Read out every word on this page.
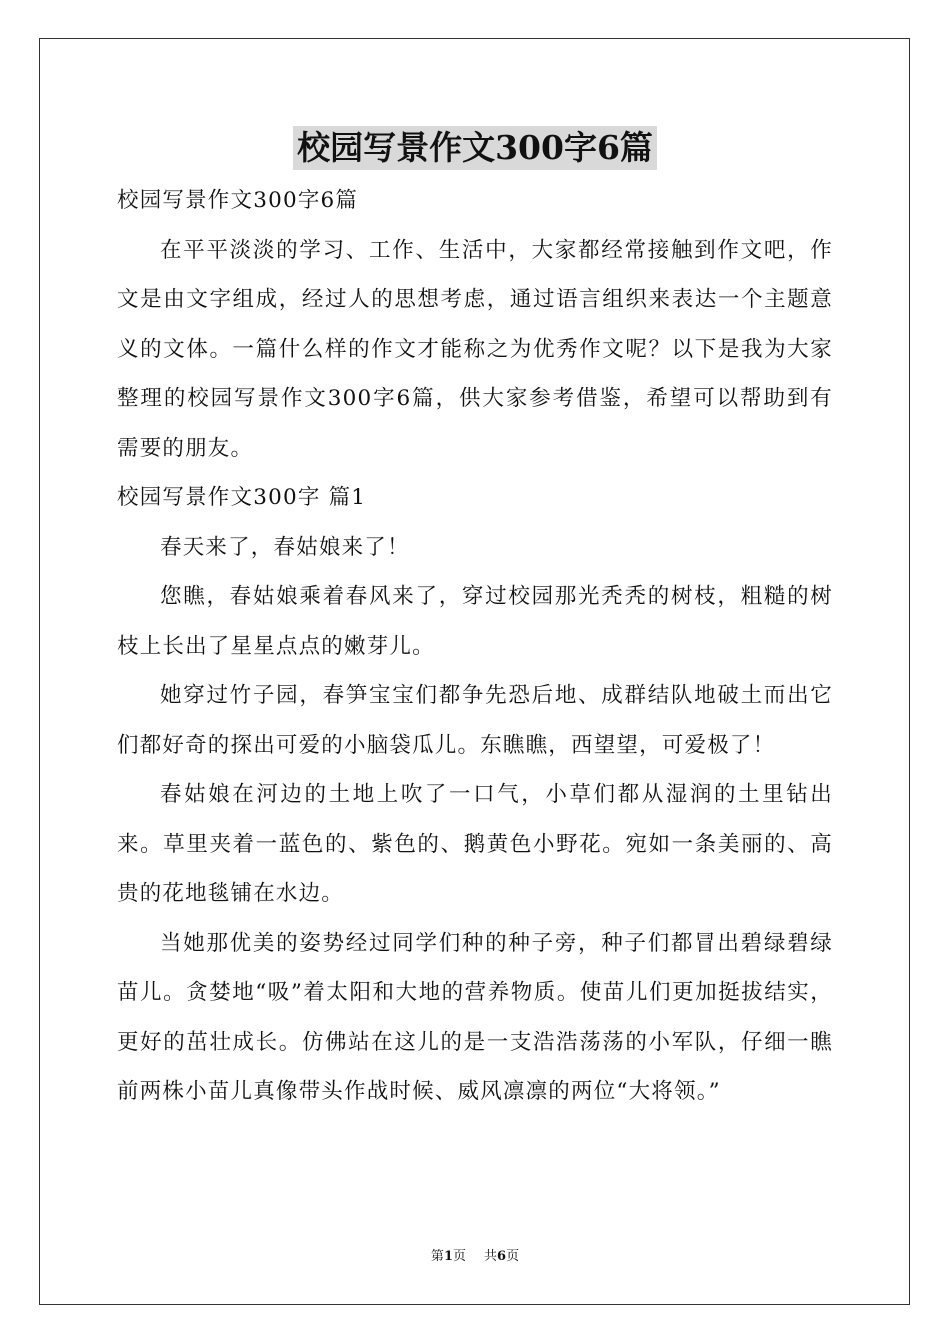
校园写景作文300字6篇

校园写景作文300字6篇

在平平淡淡的学习、工作、生活中，大家都经常接触到作文吧，作文是由文字组成，经过人的思想考虑，通过语言组织来表达一个主题意义的文体。一篇什么样的作文才能称之为优秀作文呢？以下是我为大家整理的校园写景作文300字6篇，供大家参考借鉴，希望可以帮助到有需要的朋友。

校园写景作文300字 篇1

春天来了，春姑娘来了！

您瞧，春姑娘乘着春风来了，穿过校园那光秃秃的树枝，粗糙的树枝上长出了星星点点的嫩芽儿。

她穿过竹子园，春笋宝宝们都争先恐后地、成群结队地破土而出它们都好奇的探出可爱的小脑袋瓜儿。东瞧瞧，西望望，可爱极了！

春姑娘在河边的土地上吹了一口气，小草们都从湿润的土里钻出来。草里夹着一蓝色的、紫色的、鹅黄色小野花。宛如一条美丽的、高贵的花地毯铺在水边。

当她那优美的姿势经过同学们种的种子旁，种子们都冒出碧绿碧绿苗儿。贪婪地“吸”着太阳和大地的营养物质。使苗儿们更加挺拔结实，更好的茁壮成长。仿佛站在这儿的是一支浩浩荡荡的小军队，仔细一瞧前两株小苗儿真像带头作战时候、威风凛凛的两位“大将领。”

第1页 共6页
